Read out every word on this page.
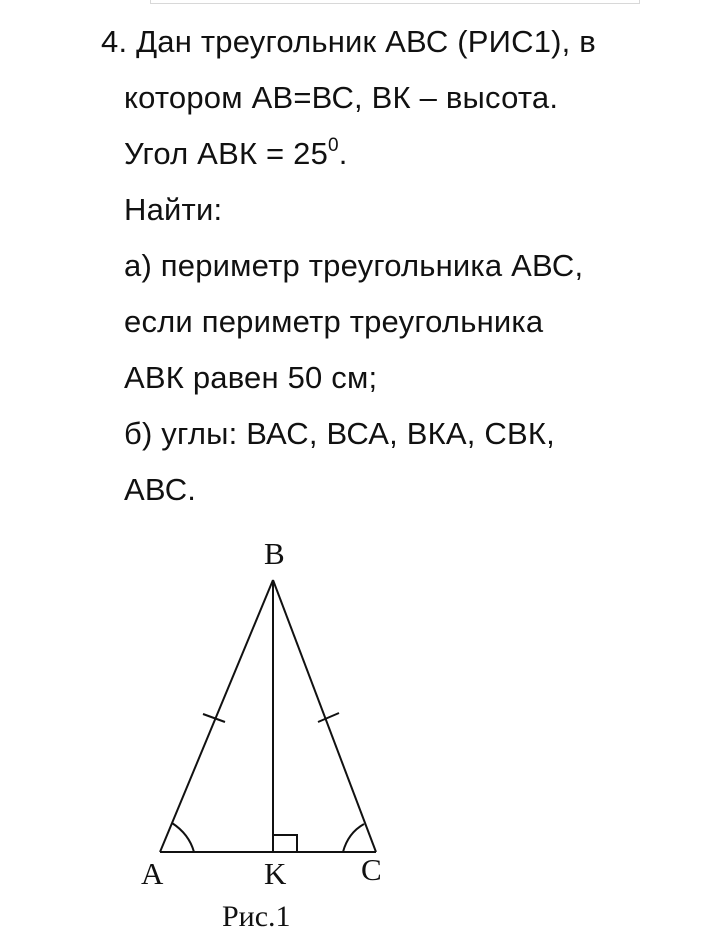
4. Дан треугольник АВС (РИС1), в
котором АВ=ВС, ВК – высота.
Угол АВК = $25^0$.
Найти:
а) периметр треугольника АВС,
если периметр треугольника
АВК равен 50 см;
б) углы: ВАС, ВСА, ВКА, СВК,
АВС.
B
A	K C
Рис.1
